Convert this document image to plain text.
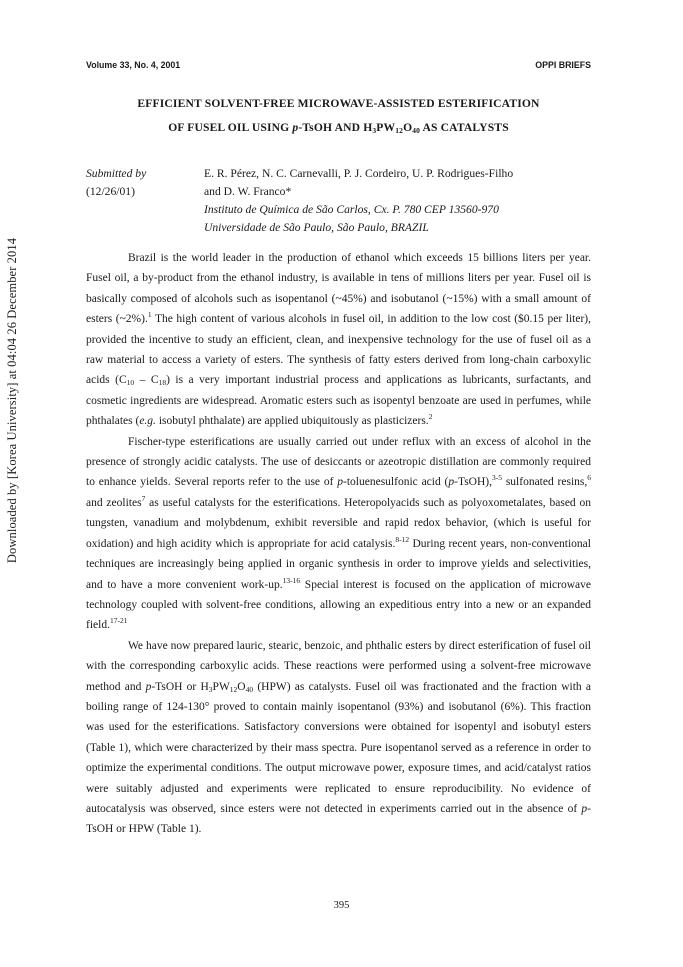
Downloaded by [Korea University] at 04:04 26 December 2014
Volume 33, No. 4, 2001	OPPI BRIEFS
EFFICIENT SOLVENT-FREE MICROWAVE-ASSISTED ESTERIFICATION
OF FUSEL OIL USING p-TsOH AND $H_3PW_{12}O_{40}$ AS CATALYSTS
Submitted by
(12/26/01)
E. R. Pérez, N. C. Carnevalli, P. J. Cordeiro, U. P. Rodrigues-Filho
and D. W. Franco*
Instituto de Química de São Carlos, Cx. P. 780 CEP 13560-970
Universidade de São Paulo, São Paulo, BRAZIL

Brazil is the world leader in the production of ethanol which exceeds 15 billions liters per year. Fusel oil, a by-product from the ethanol industry, is available in tens of millions liters per year. Fusel oil is basically composed of alcohols such as isopentanol (~45%) and isobutanol (~15%) with a small amount of esters (~2%).$^1$ The high content of various alcohols in fusel oil, in addition to the low cost ($0.15 per liter), provided the incentive to study an efficient, clean, and inexpensive technology for the use of fusel oil as a raw material to access a variety of esters. The synthesis of fatty esters derived from long-chain carboxylic acids $(C_{10} - C_{18})$ is a very important industrial process and applications as lubricants, surfactants, and cosmetic ingredients are widespread. Aromatic esters such as isopentyl benzoate are used in perfumes, while phthalates (e.g. isobutyl phthalate) are applied ubiquitously as plasticizers.$^2$

Fischer-type esterifications are usually carried out under reflux with an excess of alcohol in the presence of strongly acidic catalysts. The use of desiccants or azeotropic distillation are commonly required to enhance yields. Several reports refer to the use of p-toluenesulfonic acid (p-TsOH),$^{3-5}$ sulfonated resins,$^6$ and zeolites$^7$ as useful catalysts for the esterifications. Heteropolyacids such as polyoxometalates, based on tungsten, vanadium and molybdenum, exhibit reversible and rapid redox behavior, (which is useful for oxidation) and high acidity which is appropriate for acid catalysis.$^{8-12}$ During recent years, non-conventional techniques are increasingly being applied in organic synthesis in order to improve yields and selectivities, and to have a more convenient work-up.$^{13-16}$ Special interest is focused on the application of microwave technology coupled with solvent-free conditions, allowing an expeditious entry into a new or an expanded field.$^{17-21}$

We have now prepared lauric, stearic, benzoic, and phthalic esters by direct esterification of fusel oil with the corresponding carboxylic acids. These reactions were performed using a solvent-free microwave method and p-TsOH or $H_3PW_{12}O_{40}$ (HPW) as catalysts. Fusel oil was fractionated and the fraction with a boiling range of 124-130° proved to contain mainly isopentanol (93%) and isobutanol (6%). This fraction was used for the esterifications. Satisfactory conversions were obtained for isopentyl and isobutyl esters (Table 1), which were characterized by their mass spectra. Pure isopentanol served as a reference in order to optimize the experimental conditions. The output microwave power, exposure times, and acid/catalyst ratios were suitably adjusted and experiments were replicated to ensure reproducibility. No evidence of autocatalysis was observed, since esters were not detected in experiments carried out in the absence of p-TsOH or HPW (Table 1).

395
